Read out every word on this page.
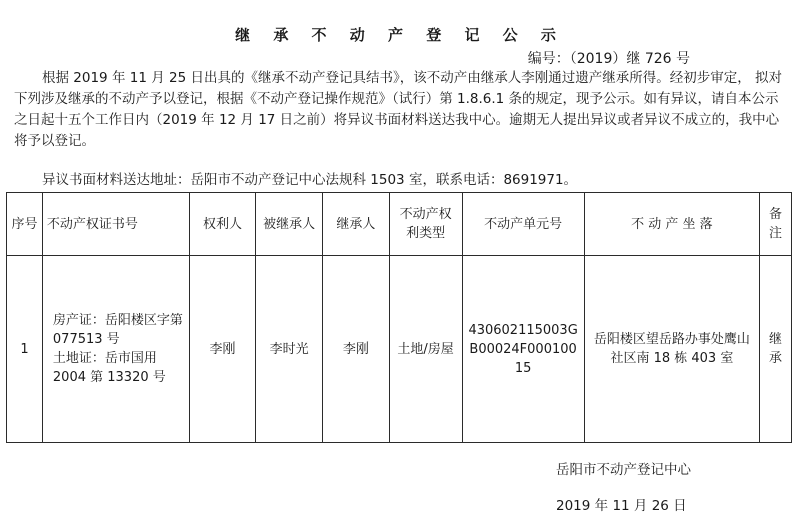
继 承 不 动 产 登 记 公 示
编号：（2019）继 726 号

根据 2019 年 11 月 25 日出具的《继承不动产登记具结书》，该不动产由继承人李刚通过遗产继承所得。经初步审定， 拟对下列涉及继承的不动产予以登记，根据《不动产登记操作规范》（试行）第 1.8.6.1 条的规定，现予公示。如有异议，请自本公示之日起十五个工作日内（2019 年 12 月 17 日之前）将异议书面材料送达我中心。逾期无人提出异议或者异议不成立的，我中心将予以登记。

异议书面材料送达地址：岳阳市不动产登记中心法规科 1503 室，联系电话：8691971。

序号	不动产权证书号	权利人	被继承人	继承人	不动产权利类型	不动产单元号	不 动 产 坐 落	备注
1	房产证：岳阳楼区字第 077513 号
土地证：岳市国用 2004 第 13320 号	李刚	李时光	李刚	土地/房屋	430602115003GB00024F00010015	岳阳楼区望岳路办事处鹰山社区南 18 栋 403 室	继承
岳阳市不动产登记中心
2019 年 11 月 26 日
